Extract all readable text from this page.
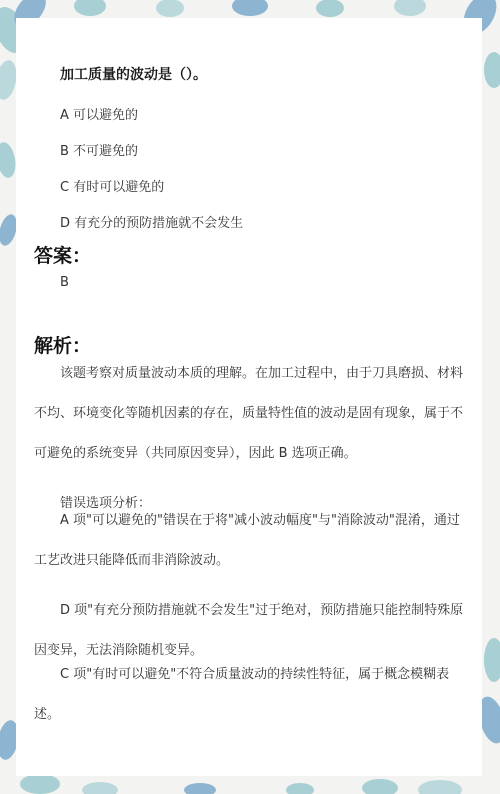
加工质量的波动是（）。
A 可以避免的
B 不可避免的
C 有时可以避免的
D 有充分的预防措施就不会发生
答案：
B
解析：

该题考察对质量波动本质的理解。在加工过程中，由于刀具磨损、材料不均、环境变化等随机因素的存在，质量特性值的波动是固有现象，属于不可避免的系统变异（共同原因变异），因此 B 选项正确。

错误选项分析：

A 项"可以避免的"错误在于将"减小波动幅度"与"消除波动"混淆，通过工艺改进只能降低而非消除波动。

D 项"有充分预防措施就不会发生"过于绝对，预防措施只能控制特殊原因变异，无法消除随机变异。

C 项"有时可以避免"不符合质量波动的持续性特征，属于概念模糊表述。
